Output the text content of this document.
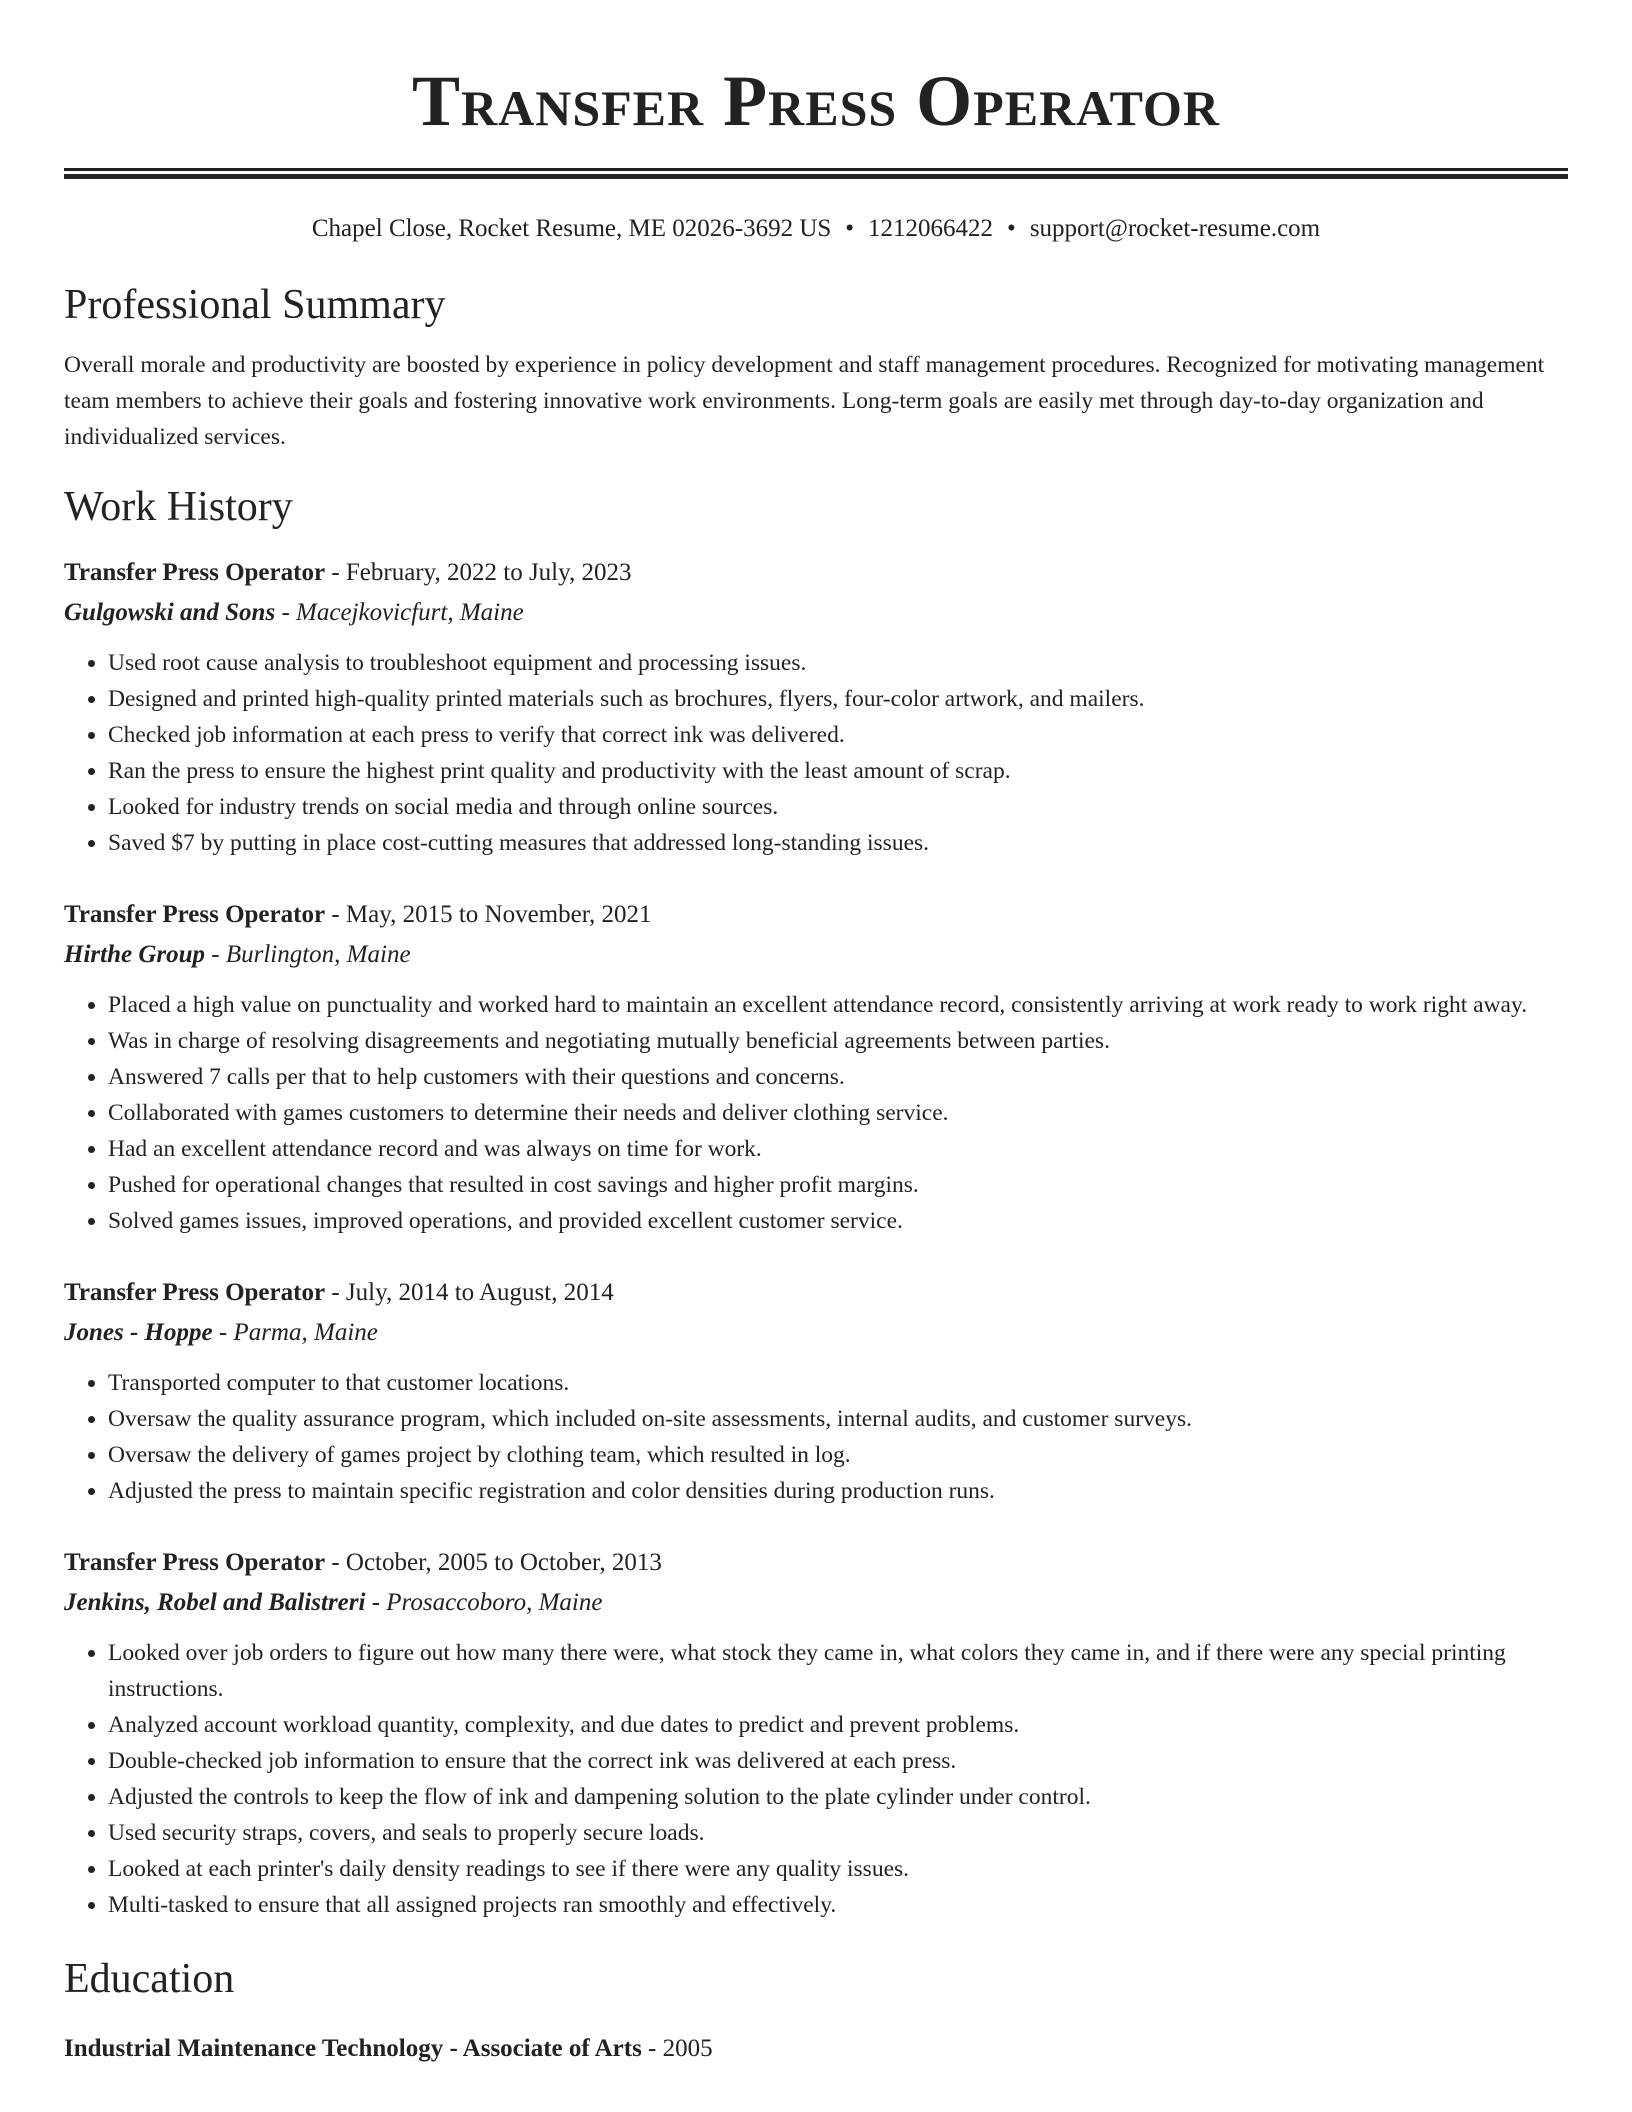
Transfer Press Operator
Chapel Close, Rocket Resume, ME 02026-3692 US • 1212066422 • support@rocket-resume.com
Professional Summary

Overall morale and productivity are boosted by experience in policy development and staff management procedures. Recognized for motivating management team members to achieve their goals and fostering innovative work environments. Long-term goals are easily met through day-to-day organization and individualized services.

Work History
Transfer Press Operator - February, 2022 to July, 2023
Gulgowski and Sons - Macejkovicfurt, Maine
• Used root cause analysis to troubleshoot equipment and processing issues.
• Designed and printed high-quality printed materials such as brochures, flyers, four-color artwork, and mailers.
• Checked job information at each press to verify that correct ink was delivered.
• Ran the press to ensure the highest print quality and productivity with the least amount of scrap.
• Looked for industry trends on social media and through online sources.
• Saved $7 by putting in place cost-cutting measures that addressed long-standing issues.
Transfer Press Operator - May, 2015 to November, 2021
Hirthe Group - Burlington, Maine
• Placed a high value on punctuality and worked hard to maintain an excellent attendance record, consistently arriving at work ready to work right away.
• Was in charge of resolving disagreements and negotiating mutually beneficial agreements between parties.
• Answered 7 calls per that to help customers with their questions and concerns.
• Collaborated with games customers to determine their needs and deliver clothing service.
• Had an excellent attendance record and was always on time for work.
• Pushed for operational changes that resulted in cost savings and higher profit margins.
• Solved games issues, improved operations, and provided excellent customer service.
Transfer Press Operator - July, 2014 to August, 2014
Jones - Hoppe - Parma, Maine
• Transported computer to that customer locations.
• Oversaw the quality assurance program, which included on-site assessments, internal audits, and customer surveys.
• Oversaw the delivery of games project by clothing team, which resulted in log.
• Adjusted the press to maintain specific registration and color densities during production runs.
Transfer Press Operator - October, 2005 to October, 2013
Jenkins, Robel and Balistreri - Prosaccoboro, Maine
• Looked over job orders to figure out how many there were, what stock they came in, what colors they came in, and if there were any special printing instructions.
• Analyzed account workload quantity, complexity, and due dates to predict and prevent problems.
• Double-checked job information to ensure that the correct ink was delivered at each press.
• Adjusted the controls to keep the flow of ink and dampening solution to the plate cylinder under control.
• Used security straps, covers, and seals to properly secure loads.
• Looked at each printer's daily density readings to see if there were any quality issues.
• Multi-tasked to ensure that all assigned projects ran smoothly and effectively.
Education
Industrial Maintenance Technology - Associate of Arts - 2005
